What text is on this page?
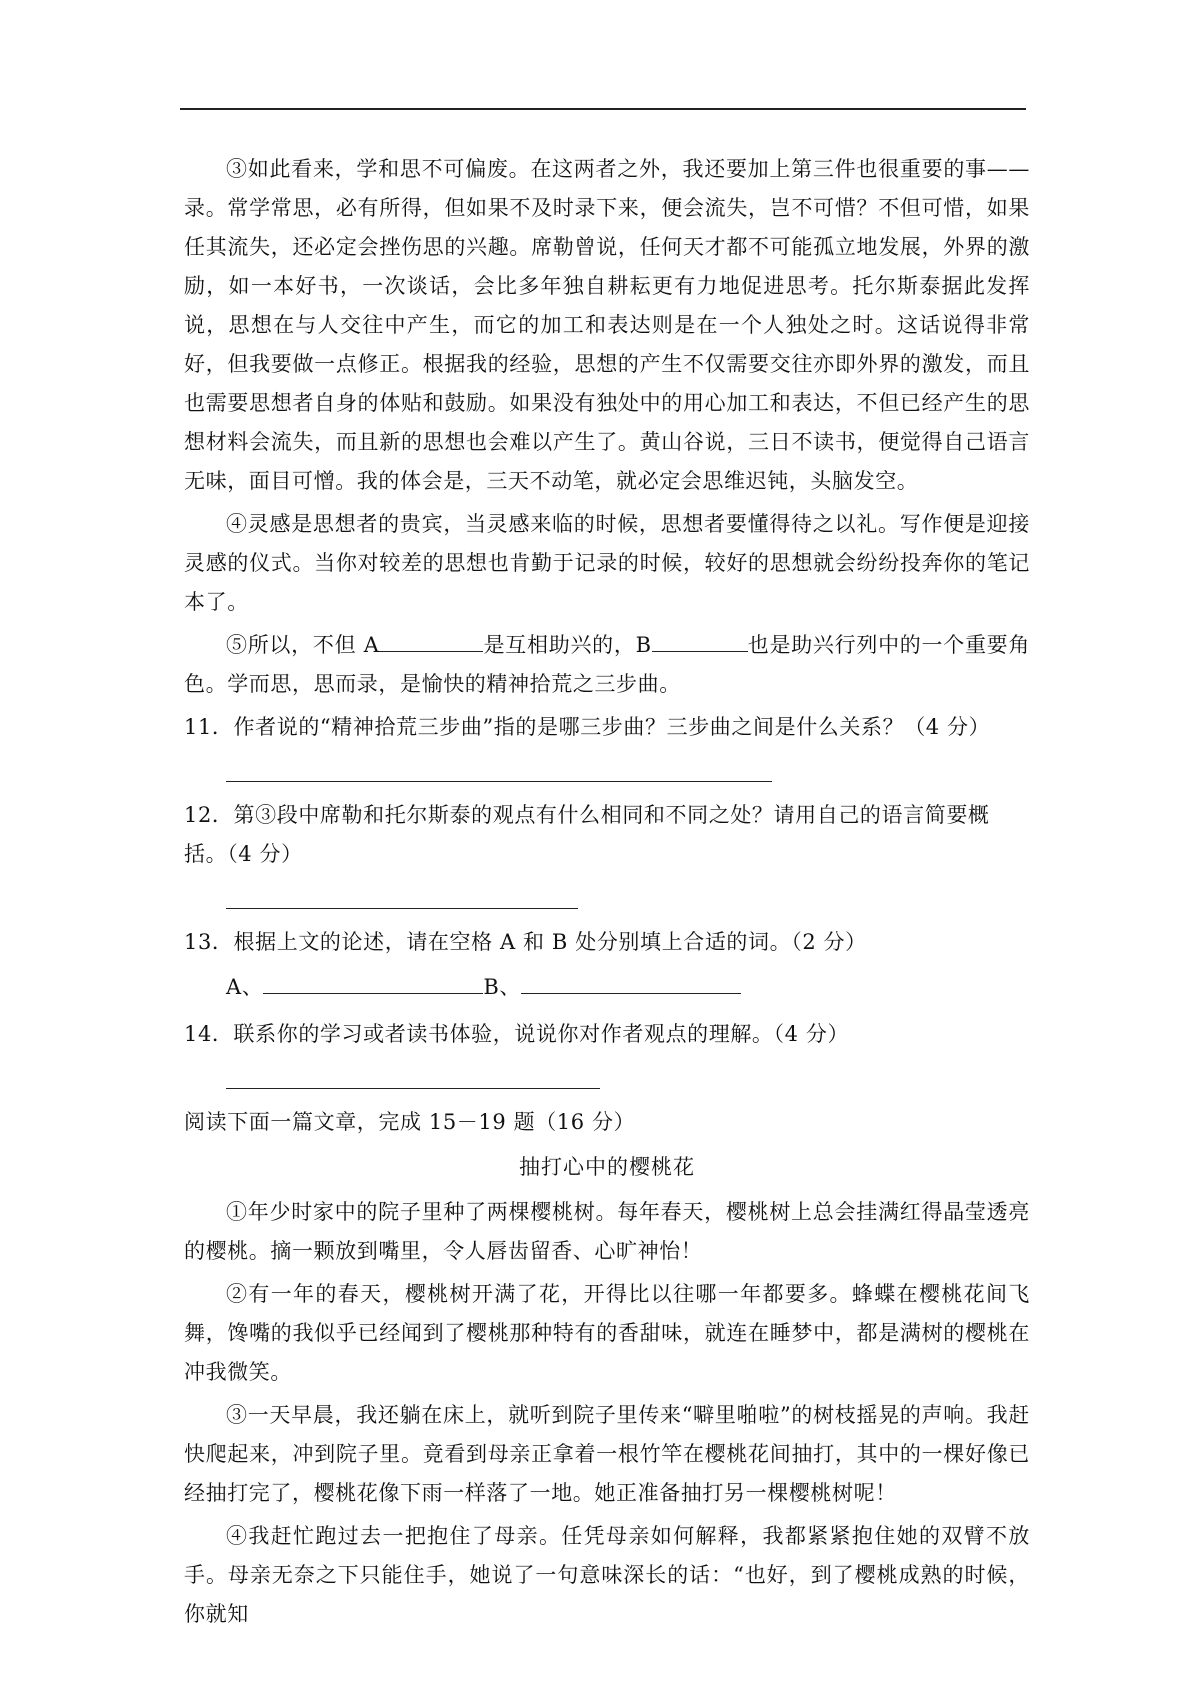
③如此看来，学和思不可偏废。在这两者之外，我还要加上第三件也很重要的事——录。常学常思，必有所得，但如果不及时录下来，便会流失，岂不可惜？不但可惜，如果任其流失，还必定会挫伤思的兴趣。席勒曾说，任何天才都不可能孤立地发展，外界的激励，如一本好书，一次谈话，会比多年独自耕耘更有力地促进思考。托尔斯泰据此发挥说，思想在与人交往中产生，而它的加工和表达则是在一个人独处之时。这话说得非常好，但我要做一点修正。根据我的经验，思想的产生不仅需要交往亦即外界的激发，而且也需要思想者自身的体贴和鼓励。如果没有独处中的用心加工和表达，不但已经产生的思想材料会流失，而且新的思想也会难以产生了。黄山谷说，三日不读书，便觉得自己语言无味，面目可憎。我的体会是，三天不动笔，就必定会思维迟钝，头脑发空。

④灵感是思想者的贵宾，当灵感来临的时候，思想者要懂得待之以礼。写作便是迎接灵感的仪式。当你对较差的思想也肯勤于记录的时候，较好的思想就会纷纷投奔你的笔记本了。

⑤所以，不但 A	是互相助兴的，B	也是助兴行列中的一个重要角色。学而思，思而录，是愉快的精神拾荒之三步曲。

11．作者说的“精神拾荒三步曲”指的是哪三步曲？三步曲之间是什么关系？（4 分）

12．第③段中席勒和托尔斯泰的观点有什么相同和不同之处？请用自己的语言简要概括。（4 分）

13．根据上文的论述，请在空格 A 和 B 处分别填上合适的词。（2 分）

A、	B、

14．联系你的学习或者读书体验，说说你对作者观点的理解。（4 分）

阅读下面一篇文章，完成 15－19 题（16 分）

抽打心中的樱桃花

①年少时家中的院子里种了两棵樱桃树。每年春天，樱桃树上总会挂满红得晶莹透亮的樱桃。摘一颗放到嘴里，令人唇齿留香、心旷神怡！

②有一年的春天，樱桃树开满了花，开得比以往哪一年都要多。蜂蝶在樱桃花间飞舞，馋嘴的我似乎已经闻到了樱桃那种特有的香甜味，就连在睡梦中，都是满树的樱桃在冲我微笑。

③一天早晨，我还躺在床上，就听到院子里传来“噼里啪啦”的树枝摇晃的声响。我赶快爬起来，冲到院子里。竟看到母亲正拿着一根竹竿在樱桃花间抽打，其中的一棵好像已经抽打完了，樱桃花像下雨一样落了一地。她正准备抽打另一棵樱桃树呢！

④我赶忙跑过去一把抱住了母亲。任凭母亲如何解释，我都紧紧抱住她的双臂不放手。母亲无奈之下只能住手，她说了一句意味深长的话：“也好，到了樱桃成熟的时候，你就知
